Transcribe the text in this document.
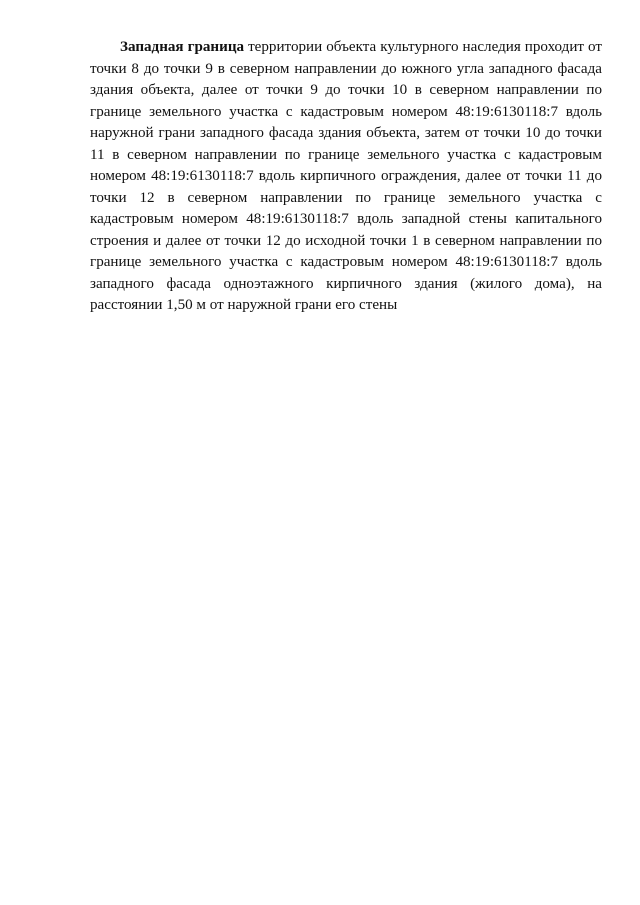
Западная граница территории объекта культурного наследия проходит от точки 8 до точки 9 в северном направлении до южного угла западного фасада здания объекта, далее от точки 9 до точки 10 в северном направлении по границе земельного участка с кадастровым номером 48:19:6130118:7 вдоль наружной грани западного фасада здания объекта, затем от точки 10 до точки 11 в северном направлении по границе земельного участка с кадастровым номером 48:19:6130118:7 вдоль кирпичного ограждения, далее от точки 11 до точки 12 в северном направлении по границе земельного участка с кадастровым номером 48:19:6130118:7 вдоль западной стены капитального строения и далее от точки 12 до исходной точки 1 в северном направлении по границе земельного участка с кадастровым номером 48:19:6130118:7 вдоль западного фасада одноэтажного кирпичного здания (жилого дома), на расстоянии 1,50 м от наружной грани его стены
